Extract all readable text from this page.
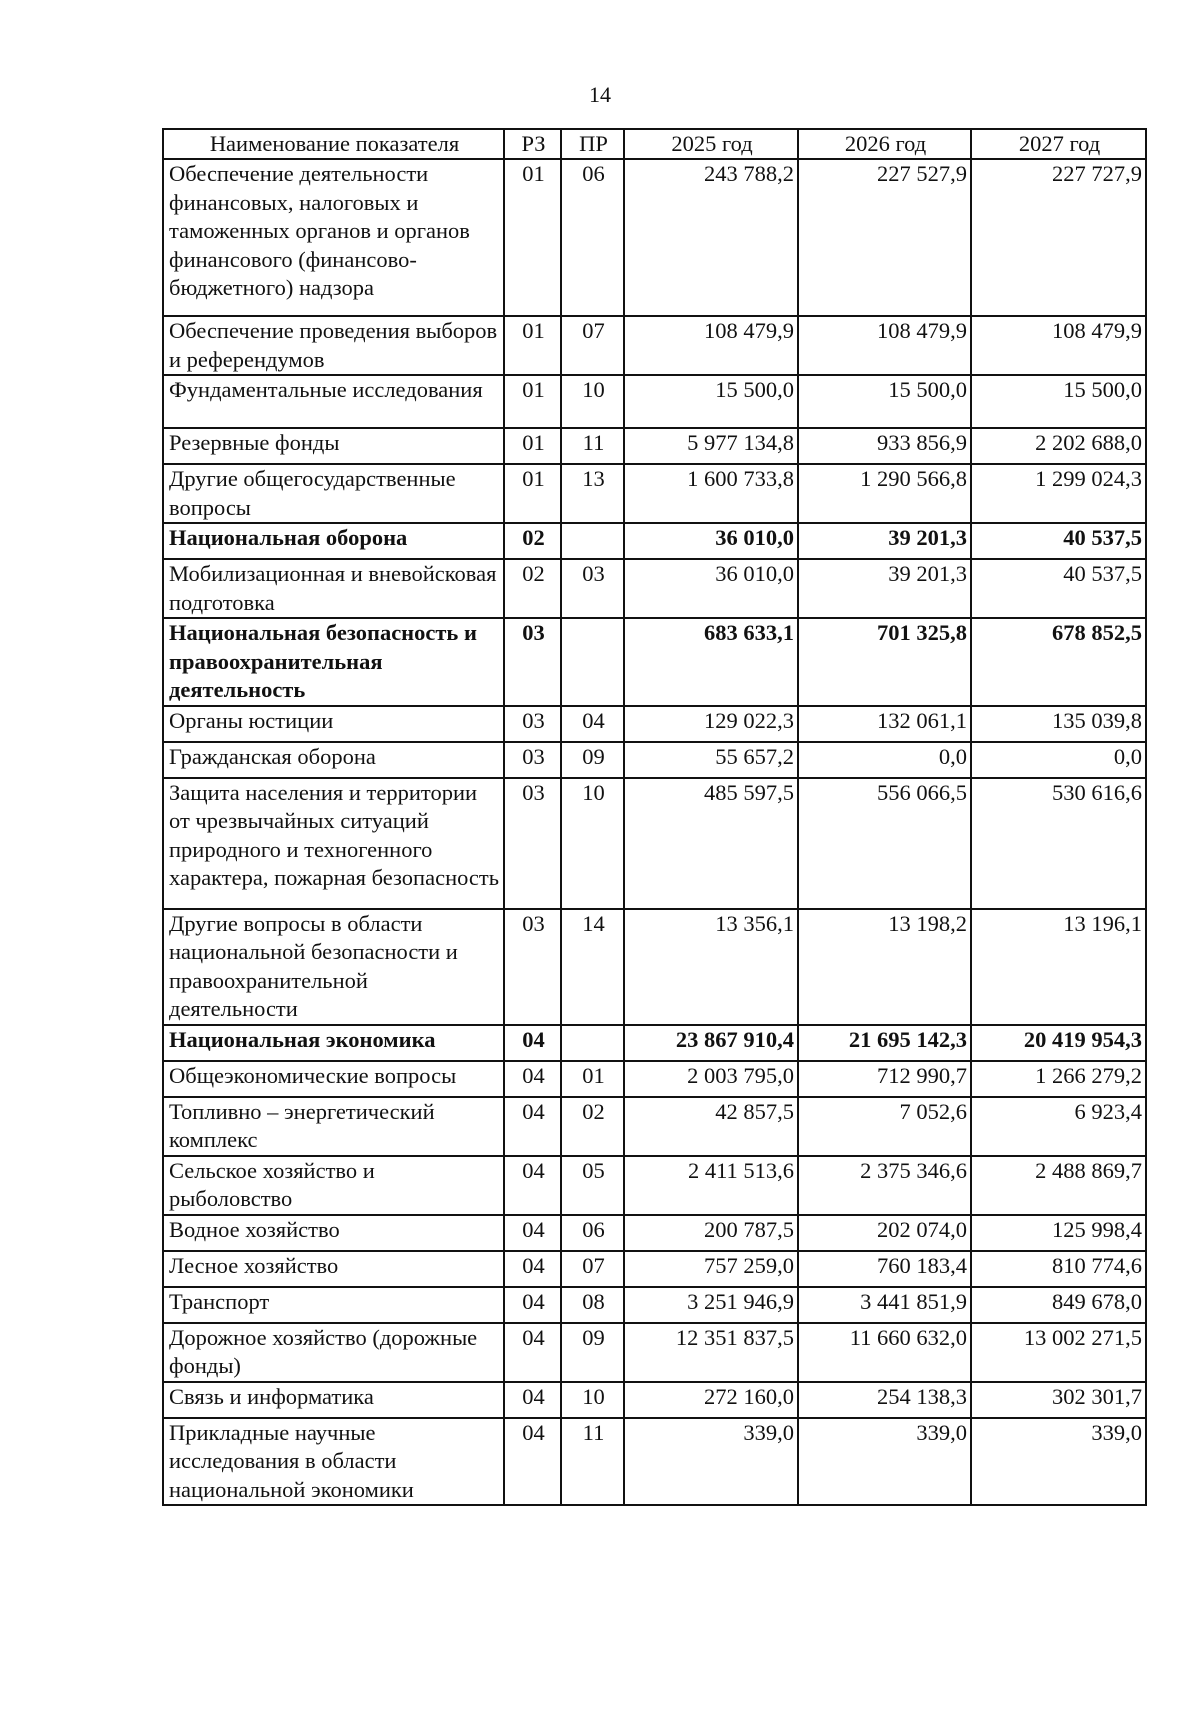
14
Наименование показателя	РЗ	ПР	2025 год	2026 год	2027 год
Обеспечение деятельности финансовых, налоговых и таможенных органов и органов финансового (финансово-бюджетного) надзора	01	06	243 788,2	227 527,9	227 727,9
Обеспечение проведения выборов и референдумов	01	07	108 479,9	108 479,9	108 479,9
Фундаментальные исследования	01	10	15 500,0	15 500,0	15 500,0
Резервные фонды	01	11	5 977 134,8	933 856,9	2 202 688,0
Другие общегосударственные вопросы	01	13	1 600 733,8	1 290 566,8	1 299 024,3
Национальная оборона	02		36 010,0	39 201,3	40 537,5
Мобилизационная и вневойсковая подготовка	02	03	36 010,0	39 201,3	40 537,5
Национальная безопасность и правоохранительная деятельность	03		683 633,1	701 325,8	678 852,5
Органы юстиции	03	04	129 022,3	132 061,1	135 039,8
Гражданская оборона	03	09	55 657,2	0,0	0,0
Защита населения и территории от чрезвычайных ситуаций природного и техногенного характера, пожарная безопасность	03	10	485 597,5	556 066,5	530 616,6
Другие вопросы в области национальной безопасности и правоохранительной деятельности	03	14	13 356,1	13 198,2	13 196,1
Национальная экономика	04		23 867 910,4	21 695 142,3	20 419 954,3
Общеэкономические вопросы	04	01	2 003 795,0	712 990,7	1 266 279,2
Топливно – энергетический комплекс	04	02	42 857,5	7 052,6	6 923,4
Сельское хозяйство и рыболовство	04	05	2 411 513,6	2 375 346,6	2 488 869,7
Водное хозяйство	04	06	200 787,5	202 074,0	125 998,4
Лесное хозяйство	04	07	757 259,0	760 183,4	810 774,6
Транспорт	04	08	3 251 946,9	3 441 851,9	849 678,0
Дорожное хозяйство (дорожные фонды)	04	09	12 351 837,5	11 660 632,0	13 002 271,5
Связь и информатика	04	10	272 160,0	254 138,3	302 301,7
Прикладные научные исследования в области национальной экономики	04	11	339,0	339,0	339,0
